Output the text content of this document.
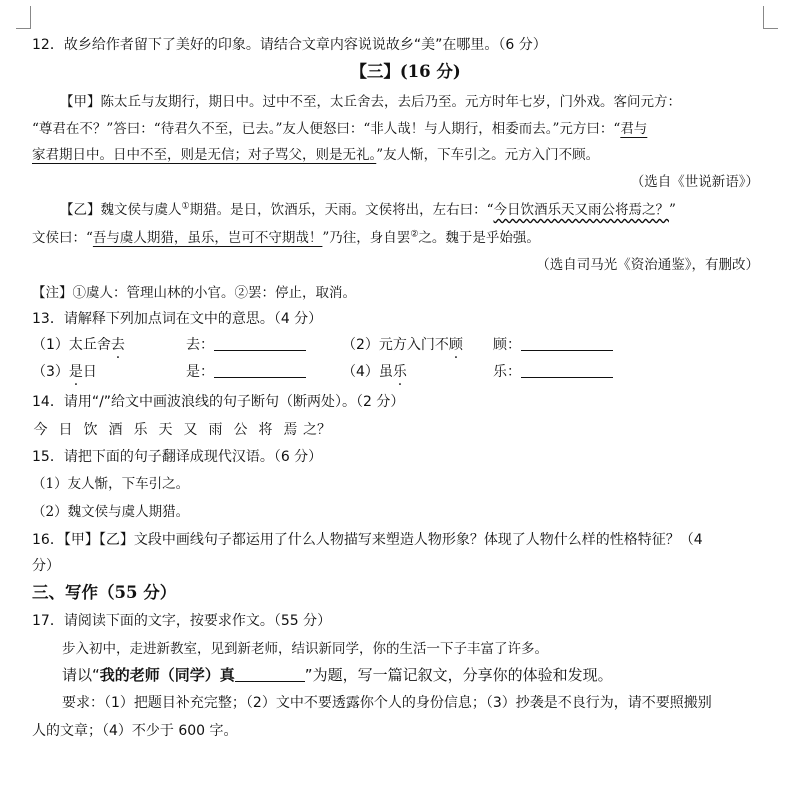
12．故乡给作者留下了美好的印象。请结合文章内容说说故乡“美”在哪里。（6 分）
【三】(16 分)
【甲】陈太丘与友期行，期日中。过中不至，太丘舍去，去后乃至。元方时年七岁，门外戏。客问元方：
“尊君在不？”答曰：“待君久不至，已去。”友人便怒曰：“非人哉！与人期行，相委而去。”元方曰：“君与
家君期日中。日中不至，则是无信；对子骂父，则是无礼。”友人惭，下车引之。元方入门不顾。
（选自《世说新语》）
【乙】魏文侯与虞人①期猎。是日，饮酒乐，天雨。文侯将出，左右曰：“今日饮酒乐天又雨公将焉之？”
文侯曰：“吾与虞人期猎，虽乐，岂可不守期哉！”乃往，身自罢②之。魏于是乎始强。
（选自司马光《资治通鉴》，有删改）
【注】①虞人：管理山林的小官。②罢：停止，取消。
13．请解释下列加点词在文中的意思。（4 分）
（1）太丘舍去	去：	（2）元方入门不顾 顾：
（3）是日	是：	（4）虽乐	乐：
14．请用“/”给文中画波浪线的句子断句（断两处）。（2 分）
今 日 饮 酒 乐 天 又 雨 公 将 焉 之？
15．请把下面的句子翻译成现代汉语。（6 分）
（1）友人惭，下车引之。
（2）魏文侯与虞人期猎。
16．【甲】【乙】文段中画线句子都运用了什么人物描写来塑造人物形象？体现了人物什么样的性格特征？（4
分）
三、写作（55 分）
17．请阅读下面的文字，按要求作文。（55 分）
步入初中，走进新教室，见到新老师，结识新同学，你的生活一下子丰富了许多。
请以“我的老师（同学）真	”为题，写一篇记叙文，分享你的体验和发现。
要求：（1）把题目补充完整；（2）文中不要透露你个人的身份信息；（3）抄袭是不良行为，请不要照搬别
人的文章；（4）不少于 600 字。
